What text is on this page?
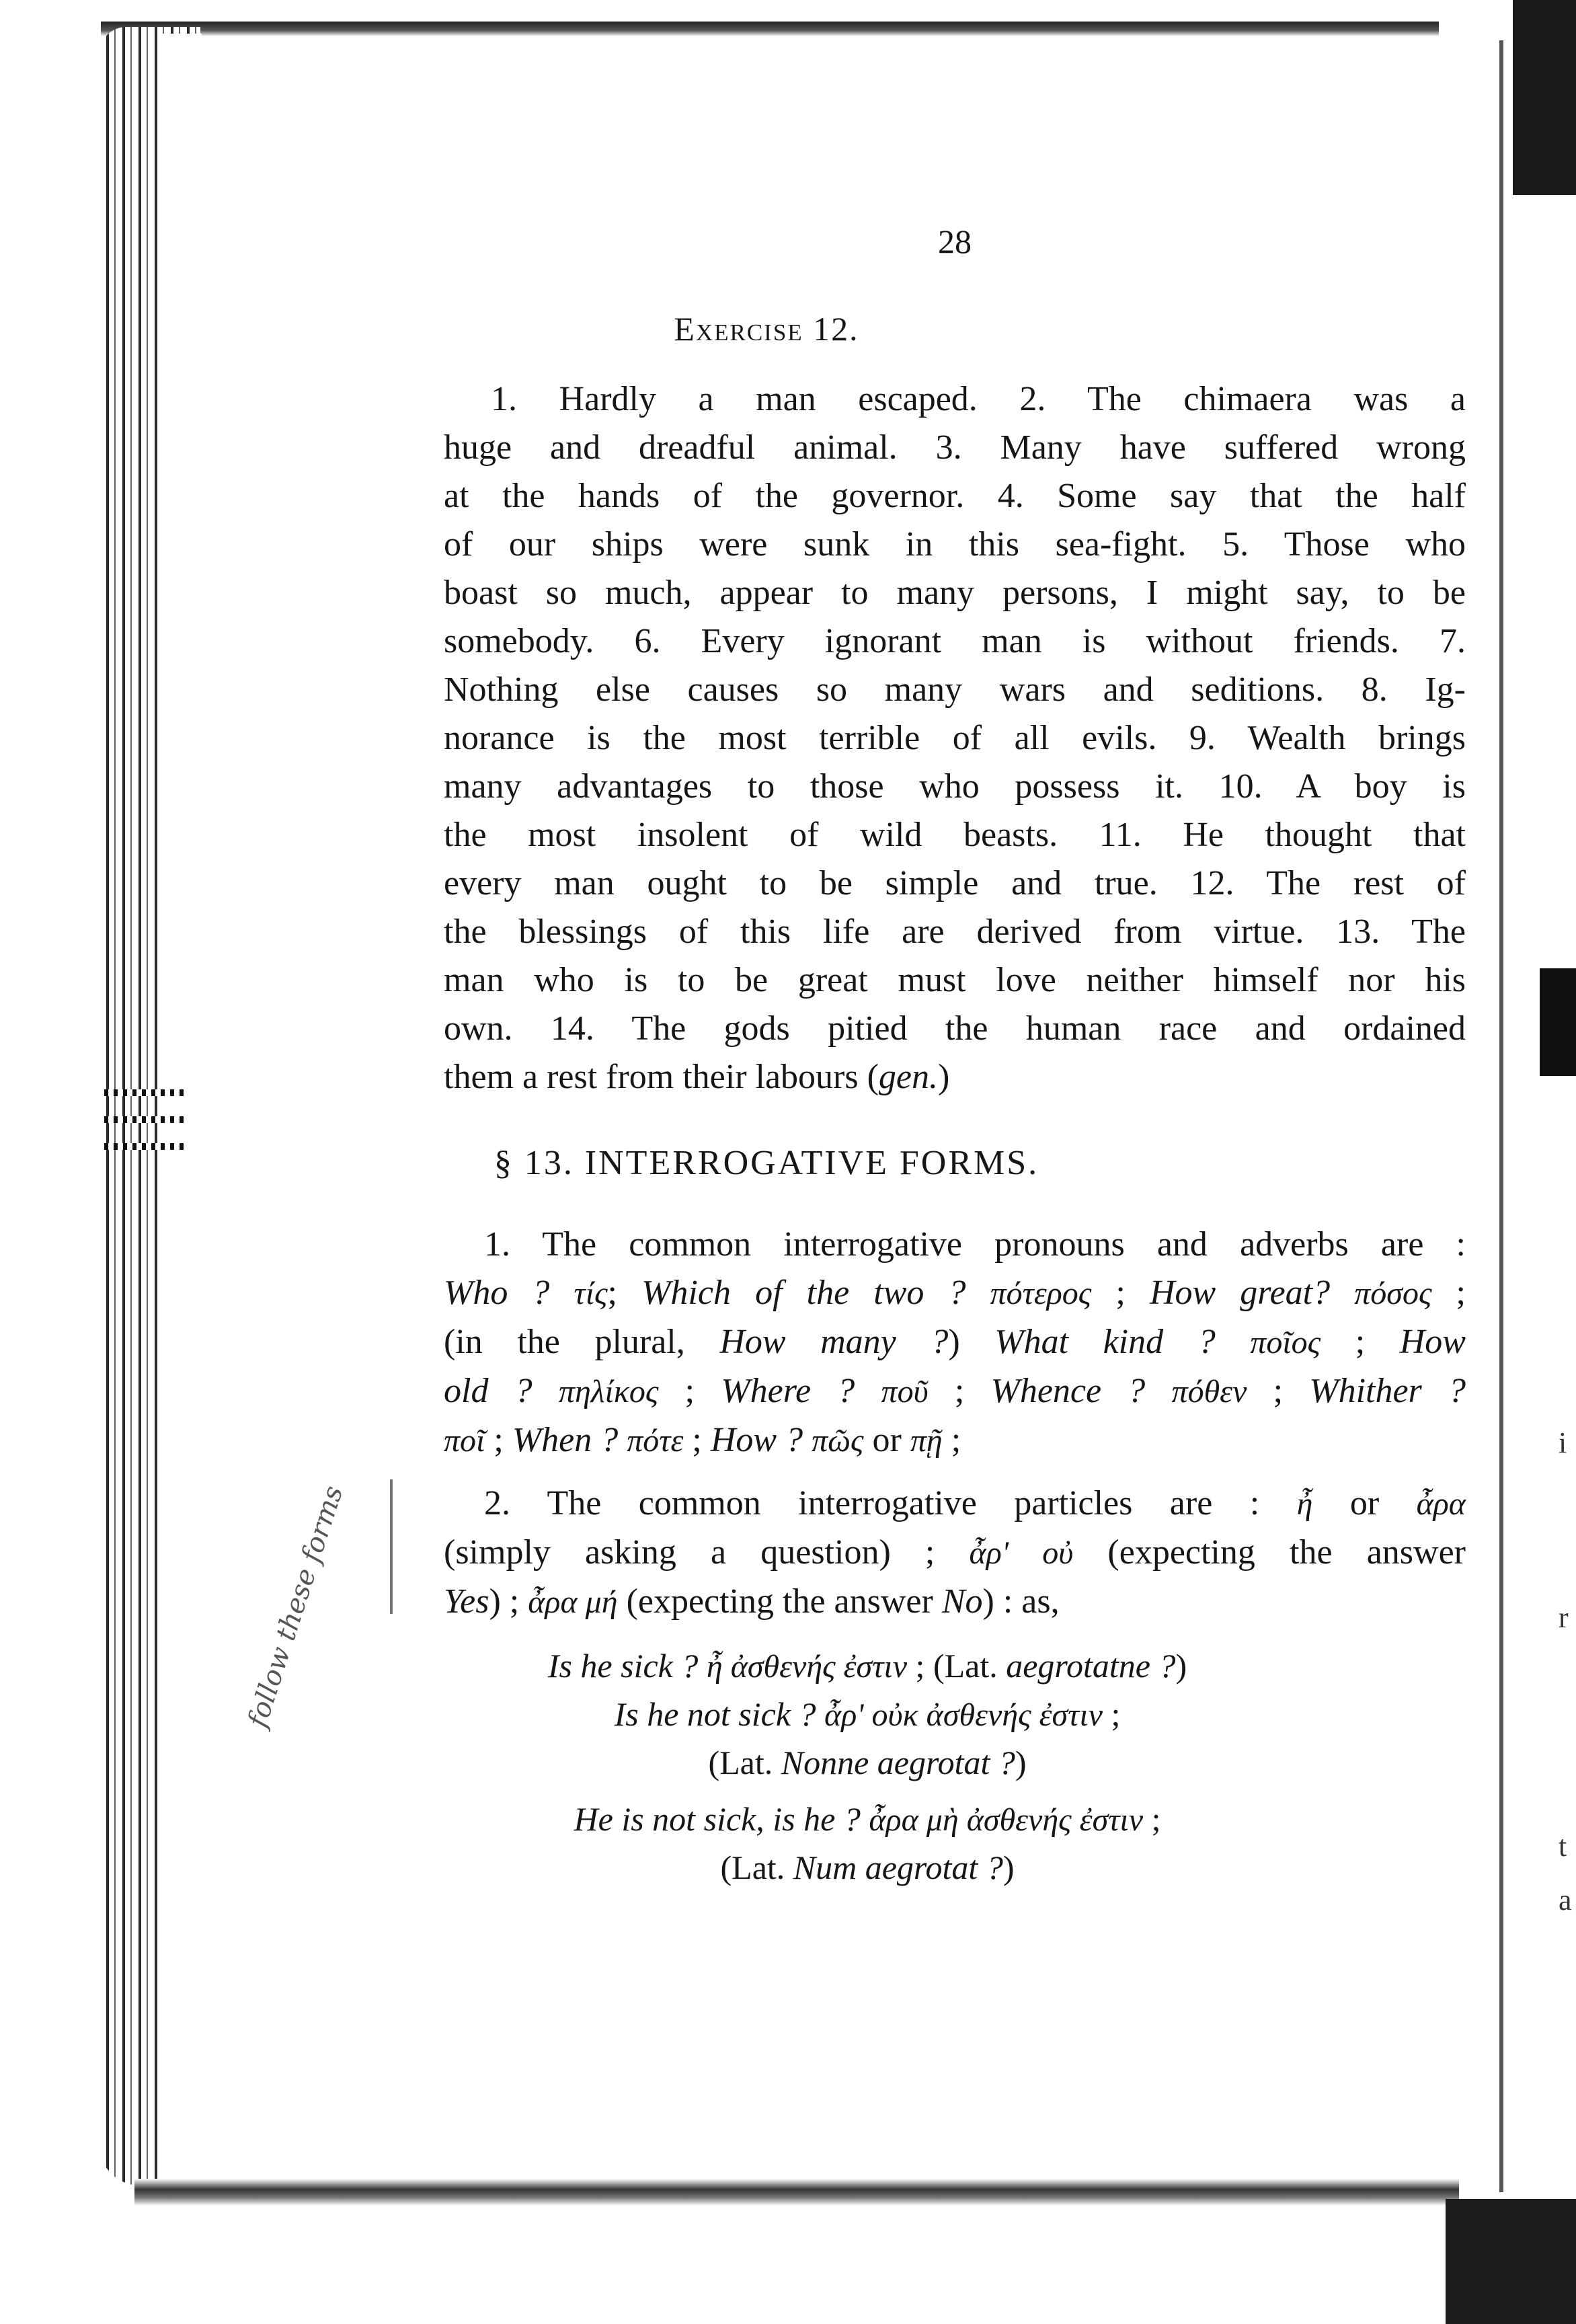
28
Exercise 12.
1. Hardly a man escaped. 2. The chimaera was a
huge and dreadful animal. 3. Many have suffered wrong
at the hands of the governor. 4. Some say that the half
of our ships were sunk in this sea-fight. 5. Those who
boast so much, appear to many persons, I might say, to be
somebody. 6. Every ignorant man is without friends. 7.
Nothing else causes so many wars and seditions. 8. Ig-
norance is the most terrible of all evils. 9. Wealth brings
many advantages to those who possess it. 10. A boy is
the most insolent of wild beasts. 11. He thought that
every man ought to be simple and true. 12. The rest of
the blessings of this life are derived from virtue. 13. The
man who is to be great must love neither himself nor his
own. 14. The gods pitied the human race and ordained
them a rest from their labours (gen.)
§ 13. INTERROGATIVE FORMS.
1. The common interrogative pronouns and adverbs are :
Who ? τίς; Which of the two ? πότερος ; How great? πόσος ;
(in the plural, How many ?) What kind ? ποῖος ; How
old ? πηλίκος ; Where ? ποῦ ; Whence ? πόθεν ; Whither ?
ποῖ ; When ? πότε ; How ? πῶς or πῇ ;
2. The common interrogative particles are : ἦ or ἆρα
(simply asking a question) ; ἆρ' οὐ (expecting the answer
Yes) ; ἆρα μή (expecting the answer No) : as,
Is he sick ? ἦ ἀσθενής ἐστιν ; (Lat. aegrotatne ?)
Is he not sick ? ἆρ' οὐκ ἀσθενής ἐστιν ;
(Lat. Nonne aegrotat ?)
He is not sick, is he ? ἆρα μὴ ἀσθενής ἐστιν ;
(Lat. Num aegrotat ?)
follow these forms
i
r
t
a
